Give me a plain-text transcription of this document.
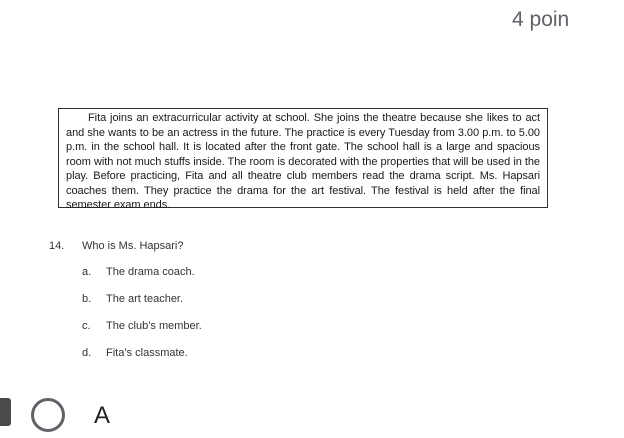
4 poin

Fita joins an extracurricular activity at school. She joins the theatre because she likes to act and she wants to be an actress in the future. The practice is every Tuesday from 3.00 p.m. to 5.00 p.m. in the school hall. It is located after the front gate. The school hall is a large and spacious room with not much stuffs inside. The room is decorated with the properties that will be used in the play. Before practicing, Fita and all theatre club members read the drama script. Ms. Hapsari coaches them. They practice the drama for the art festival. The festival is held after the final semester exam ends.

14.	Who is Ms. Hapsari?
a.	The drama coach.
b.	The art teacher.
c.	The club’s member.
d.	Fita’s classmate.
A
